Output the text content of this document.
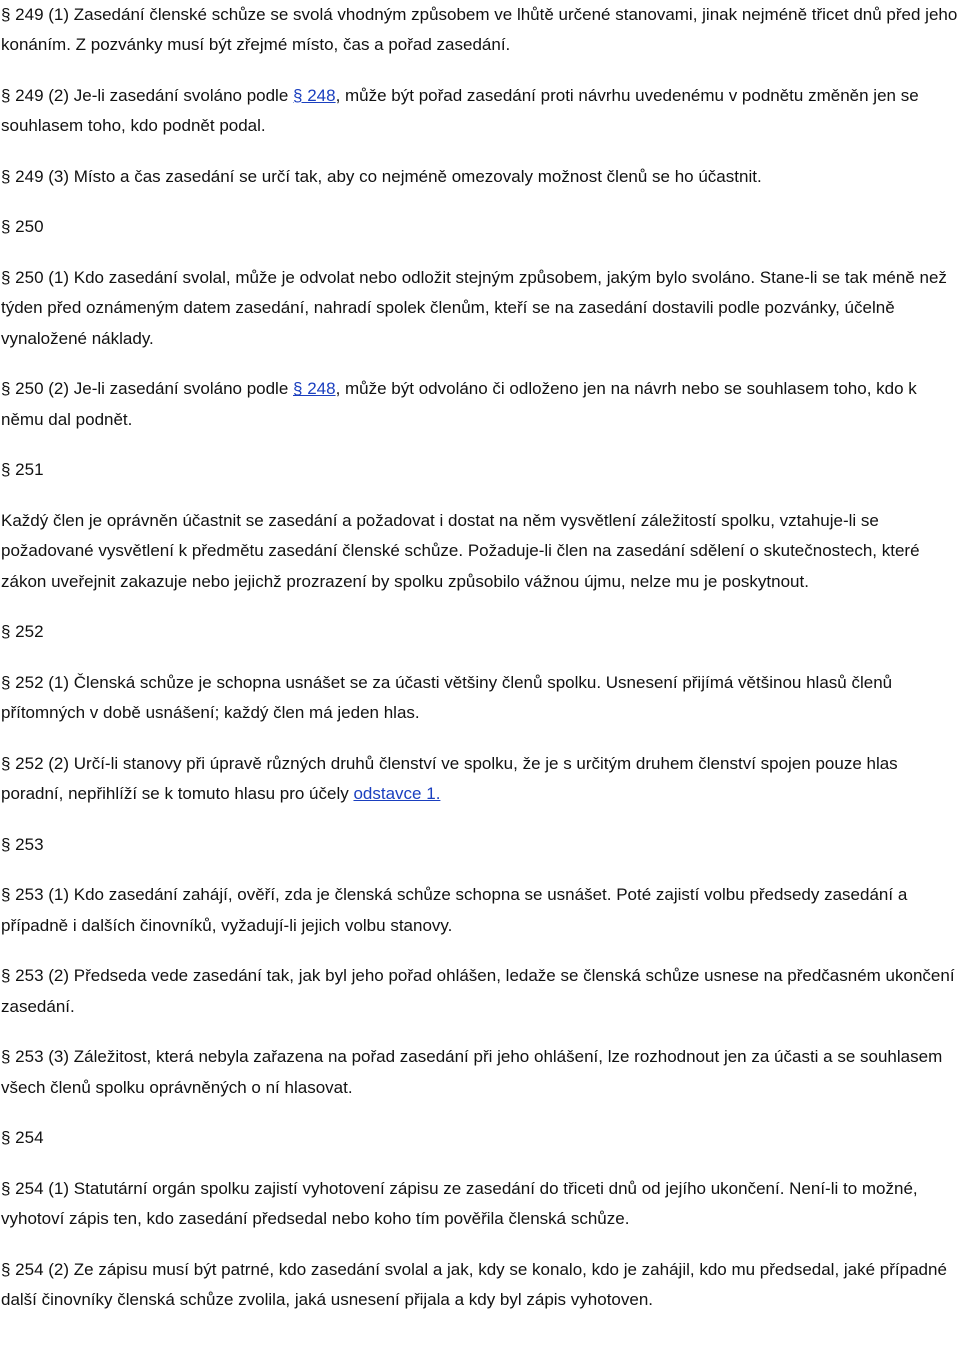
§ 249 (1) Zasedání členské schůze se svolá vhodným způsobem ve lhůtě určené stanovami, jinak nejméně třicet dnů před jeho konáním. Z pozvánky musí být zřejmé místo, čas a pořad zasedání.

§ 249 (2) Je-li zasedání svoláno podle § 248, může být pořad zasedání proti návrhu uvedenému v podnětu změněn jen se souhlasem toho, kdo podnět podal.

§ 249 (3) Místo a čas zasedání se určí tak, aby co nejméně omezovaly možnost členů se ho účastnit.

§ 250

§ 250 (1) Kdo zasedání svolal, může je odvolat nebo odložit stejným způsobem, jakým bylo svoláno. Stane-li se tak méně než týden před oznámeným datem zasedání, nahradí spolek členům, kteří se na zasedání dostavili podle pozvánky, účelně vynaložené náklady.

§ 250 (2) Je-li zasedání svoláno podle § 248, může být odvoláno či odloženo jen na návrh nebo se souhlasem toho, kdo k němu dal podnět.

§ 251

Každý člen je oprávněn účastnit se zasedání a požadovat i dostat na něm vysvětlení záležitostí spolku, vztahuje-li se požadované vysvětlení k předmětu zasedání členské schůze. Požaduje-li člen na zasedání sdělení o skutečnostech, které zákon uveřejnit zakazuje nebo jejichž prozrazení by spolku způsobilo vážnou újmu, nelze mu je poskytnout.

§ 252

§ 252 (1) Členská schůze je schopna usnášet se za účasti většiny členů spolku. Usnesení přijímá většinou hlasů členů přítomných v době usnášení; každý člen má jeden hlas.

§ 252 (2) Určí-li stanovy při úpravě různých druhů členství ve spolku, že je s určitým druhem členství spojen pouze hlas poradní, nepřihlíží se k tomuto hlasu pro účely odstavce 1.

§ 253

§ 253 (1) Kdo zasedání zahájí, ověří, zda je členská schůze schopna se usnášet. Poté zajistí volbu předsedy zasedání a případně i dalších činovníků, vyžadují-li jejich volbu stanovy.

§ 253 (2) Předseda vede zasedání tak, jak byl jeho pořad ohlášen, ledaže se členská schůze usnese na předčasném ukončení zasedání.

§ 253 (3) Záležitost, která nebyla zařazena na pořad zasedání při jeho ohlášení, lze rozhodnout jen za účasti a se souhlasem všech členů spolku oprávněných o ní hlasovat.

§ 254

§ 254 (1) Statutární orgán spolku zajistí vyhotovení zápisu ze zasedání do třiceti dnů od jejího ukončení. Není-li to možné, vyhotoví zápis ten, kdo zasedání předsedal nebo koho tím pověřila členská schůze.

§ 254 (2) Ze zápisu musí být patrné, kdo zasedání svolal a jak, kdy se konalo, kdo je zahájil, kdo mu předsedal, jaké případné další činovníky členská schůze zvolila, jaká usnesení přijala a kdy byl zápis vyhotoven.
